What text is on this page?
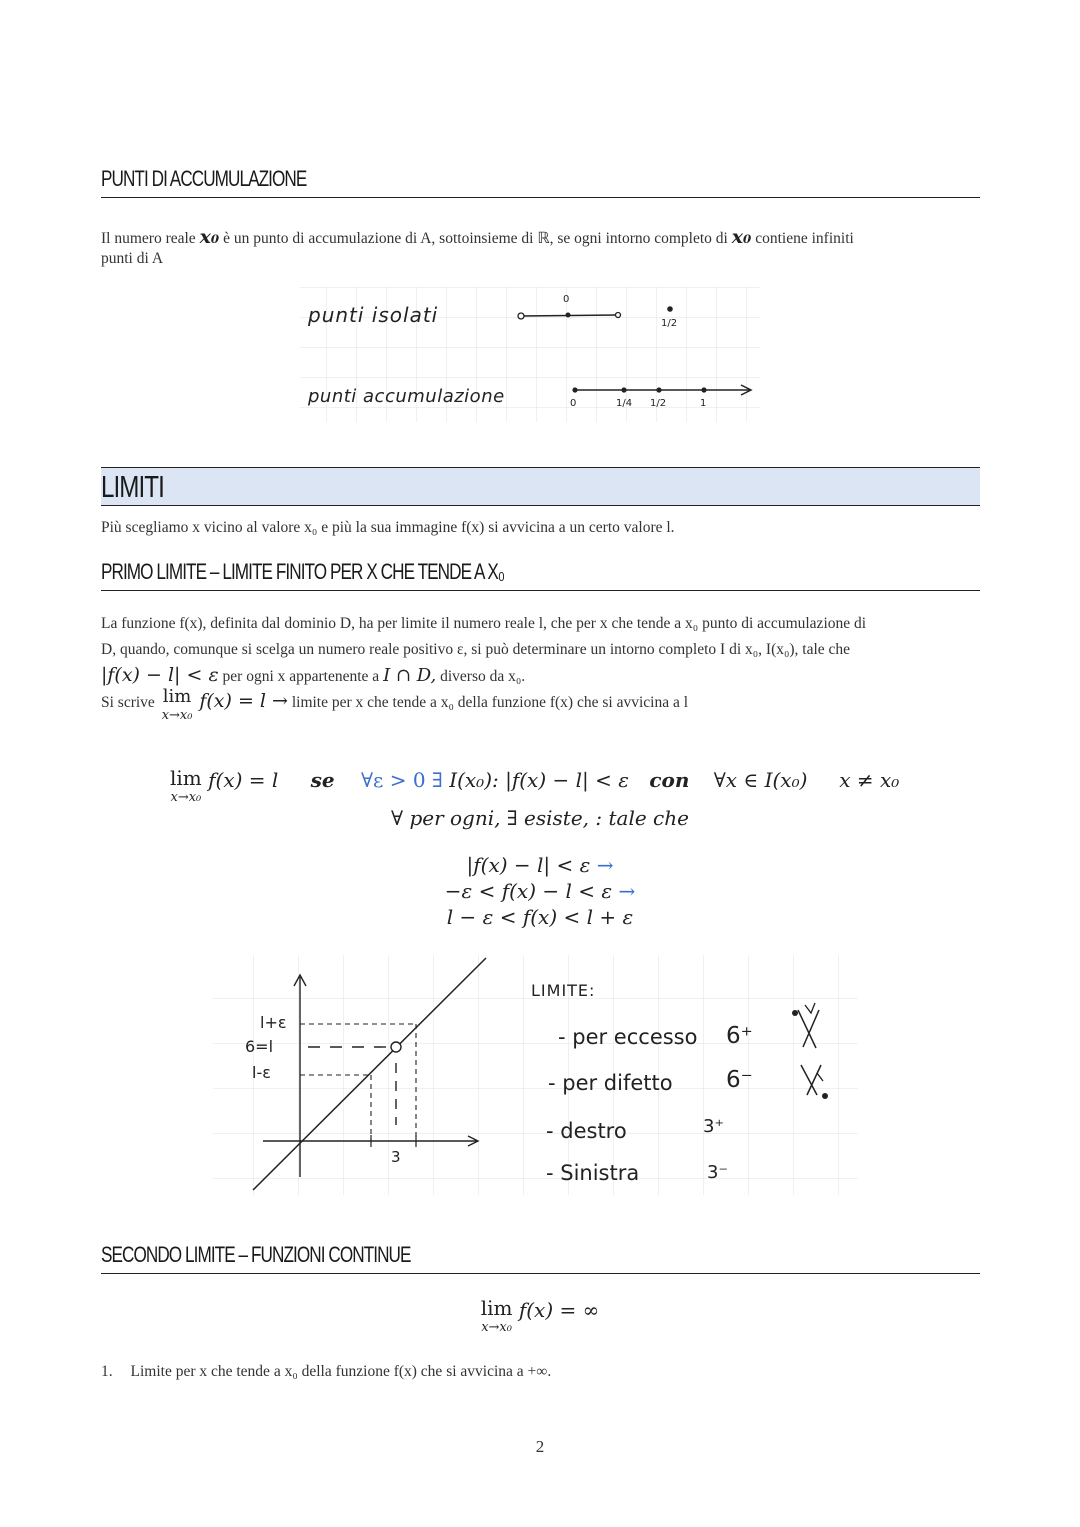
PUNTI DI ACCUMULAZIONE
Il numero reale x₀ è un punto di accumulazione di A, sottoinsieme di ℝ, se ogni intorno completo di x₀ contiene infiniti
punti di A
punti isolati
punti accumulazione
0
1/2
0	1/4 1/2	1
LIMITI
Più scegliamo x vicino al valore x₀ e più la sua immagine f(x) si avvicina a un certo valore l.
PRIMO LIMITE – LIMITE FINITO PER X CHE TENDE A X₀
La funzione f(x), definita dal dominio D, ha per limite il numero reale l, che per x che tende a x₀ punto di accumulazione di
D, quando, comunque si scelga un numero reale positivo ε, si può determinare un intorno completo I di x₀, I(x₀), tale che
|f(x) − l| < ε per ogni x appartenente a I ∩ D, diverso da x₀.
Si scrive lim
x→x₀
f(x) = l → limite per x che tende a x₀ della funzione f(x) che si avvicina a l
lim
x→x₀
f(x) = l se ∀ε > 0 ∃ I(x₀): |f(x) − l| < ε con ∀x ∈ I(x₀)     x ≠ x₀
∀ per ogni, ∃ esiste, : tale che
|f(x) − l| < ε →
−ε < f(x) − l < ε →
l − ε < f(x) < l + ε
l+ε
6=l
l-ε
3
LIMITE:
- per eccesso 6⁺
- per difetto 6⁻
- destro	3⁺
- Sinistra	3⁻
SECONDO LIMITE – FUNZIONI CONTINUE
lim
x→x₀
f(x) = ∞
1. Limite per x che tende a x₀ della funzione f(x) che si avvicina a +∞.
2
